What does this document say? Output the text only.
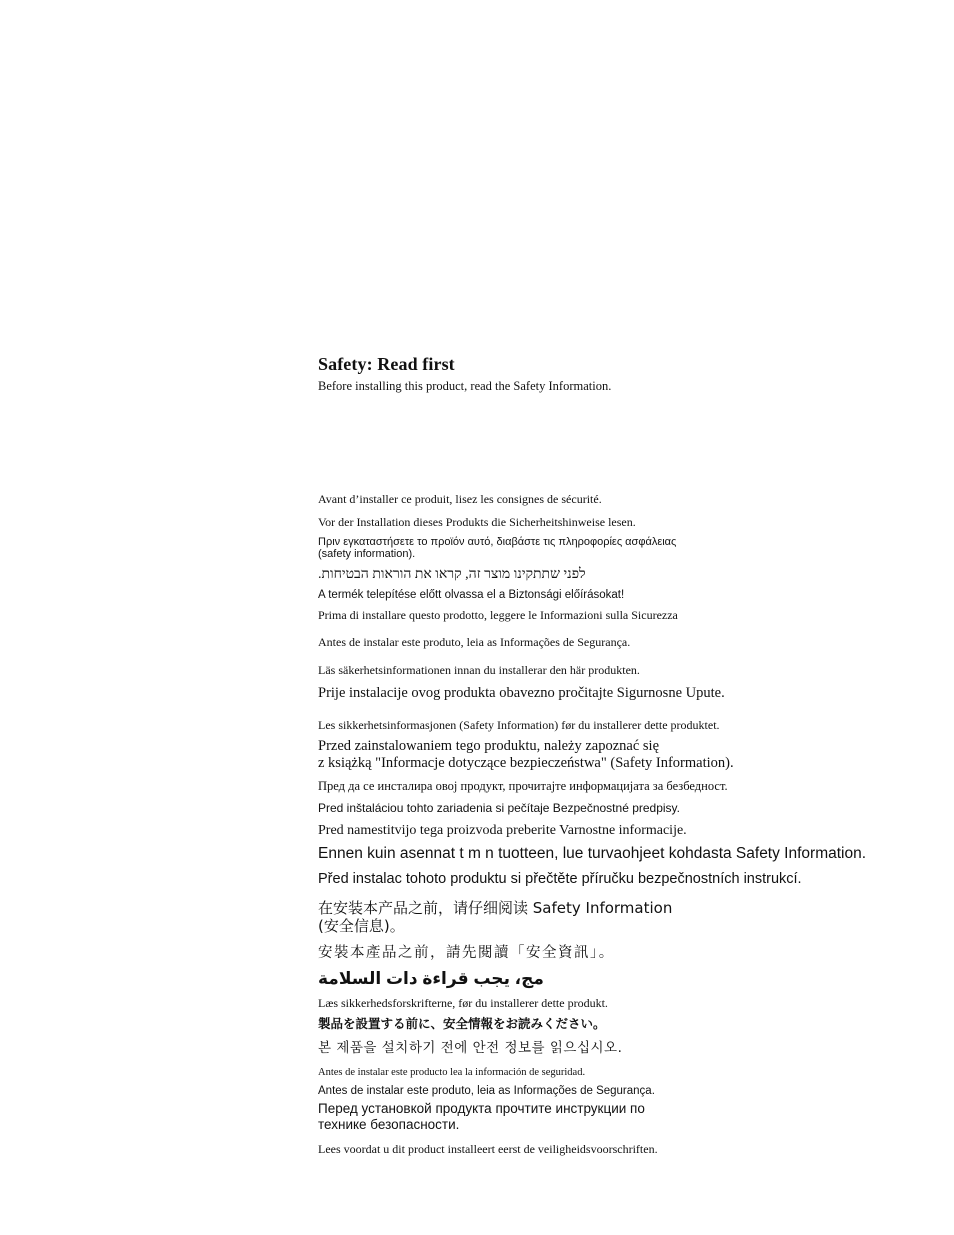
Safety: Read first
Before installing this product, read the Safety Information.
Avant d’installer ce produit, lisez les consignes de sécurité.
Vor der Installation dieses Produkts die Sicherheitshinweise lesen.
Πριν εγκαταστήσετε το προϊόν αυτό, διαβάστε τις πληροφορίες ασφάλειας
(safety information).
לפני שתתקינו מוצר זה, קראו את הוראות הבטיחות.
A termék telepítése előtt olvassa el a Biztonsági előírásokat!
Prima di installare questo prodotto, leggere le Informazioni sulla Sicurezza
Antes de instalar este produto, leia as Informações de Segurança.
Läs säkerhetsinformationen innan du installerar den här produkten.
Prije instalacije ovog produkta obavezno pročitajte Sigurnosne Upute.
Les sikkerhetsinformasjonen (Safety Information) før du installerer dette produktet.
Przed zainstalowaniem tego produktu, należy zapoznać się
z książką "Informacje dotyczące bezpieczeństwa" (Safety Information).
Пред да се инсталира овој продукт, прочитајте информацијата за безбедност.
Pred inštaláciou tohto zariadenia si pečítaje Bezpečnostné predpisy.
Pred namestitvijo tega proizvoda preberite Varnostne informacije.
Ennen kuin asennat t m n tuotteen, lue turvaohjeet kohdasta Safety Information.
Před instalac tohoto produktu si přečtěte příručku bezpečnostních instrukcí.
在安装本产品之前，请仔细阅读 Safety Information
(安全信息)。
安裝本產品之前，請先閱讀「安全資訊」。
مج، يجب قراءة دات السلامة
Læs sikkerhedsforskrifterne, før du installerer dette produkt.
製品を設置する前に、安全情報をお読みください。
본 제품을 설치하기 전에 안전 정보를 읽으십시오.
Antes de instalar este producto lea la información de seguridad.
Antes de instalar este produto, leia as Informações de Segurança.
Перед установкой продукта прочтите инструкции по
технике безопасности.
Lees voordat u dit product installeert eerst de veiligheidsvoorschriften.
